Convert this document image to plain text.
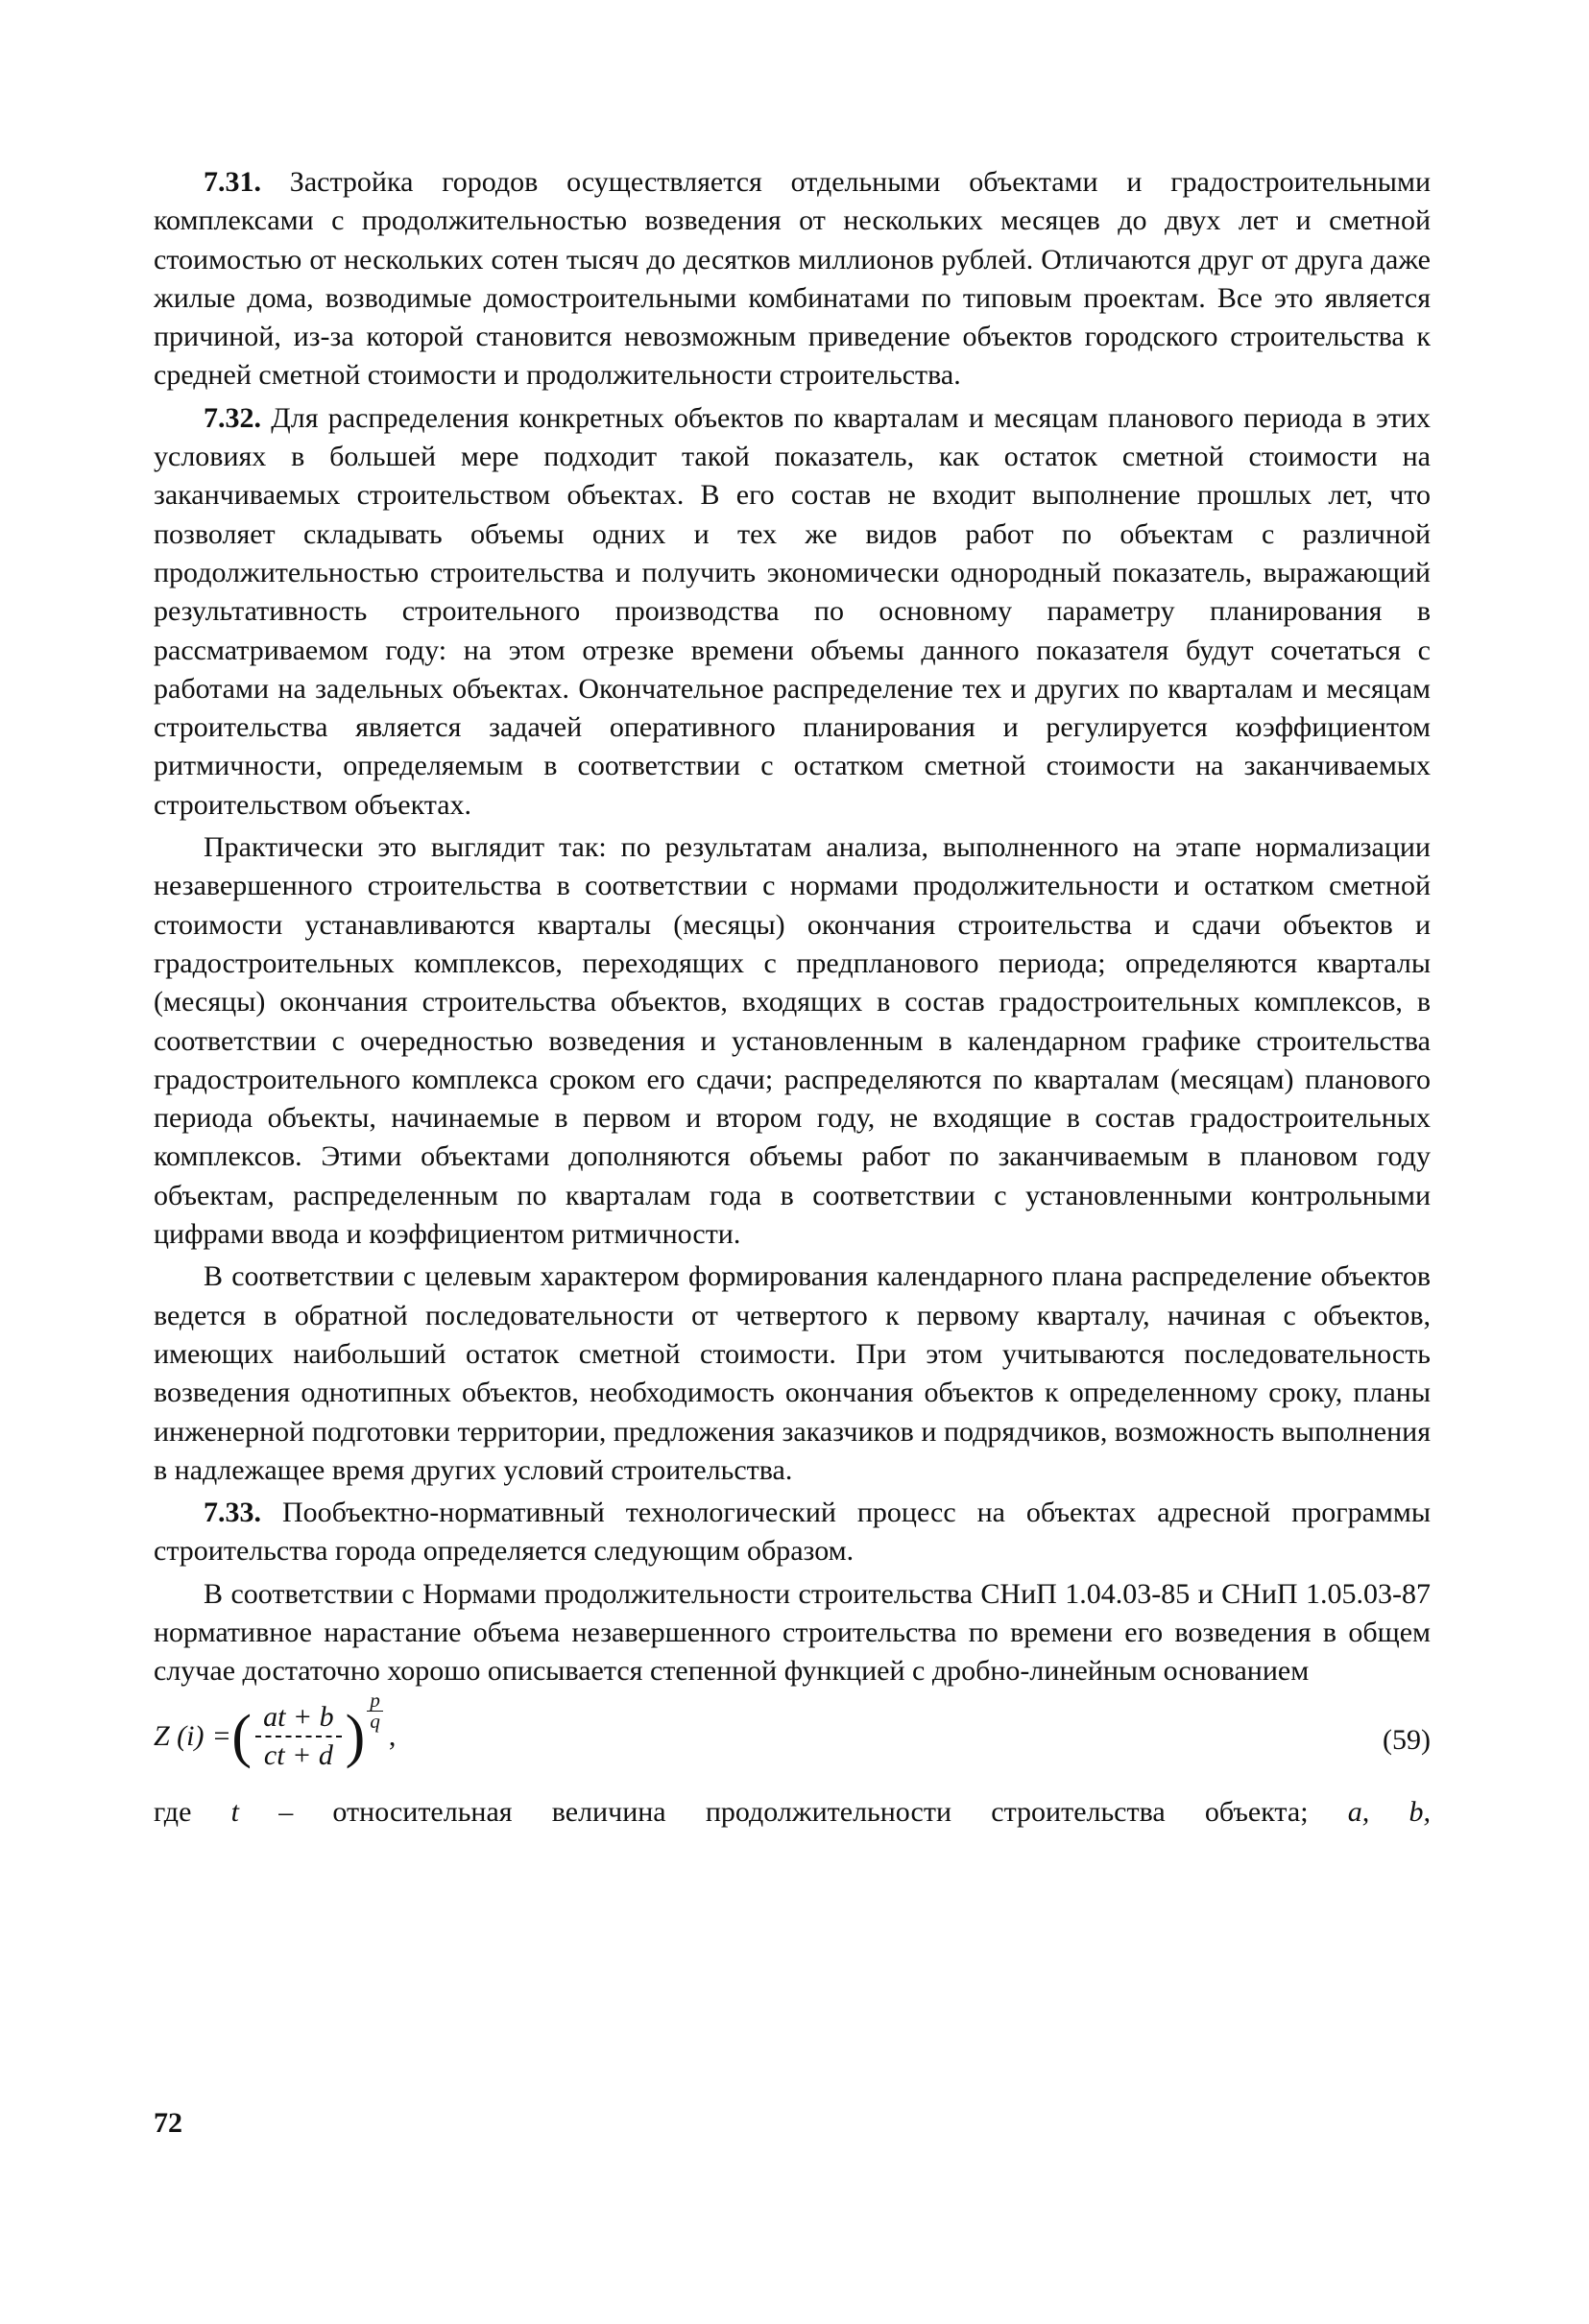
7.31. Застройка городов осуществляется отдельными объектами и градостроительными комплексами с продолжительностью возведения от нескольких месяцев до двух лет и сметной стоимостью от нескольких сотен тысяч до десятков миллионов рублей. Отличаются друг от друга даже жилые дома, возводимые домостроительными комбинатами по типовым проектам. Все это является причиной, из-за которой становится невозможным приведение объектов городского строительства к средней сметной стоимости и продолжительности строительства.

7.32. Для распределения конкретных объектов по кварталам и месяцам планового периода в этих условиях в большей мере подходит такой показатель, как остаток сметной стоимости на заканчиваемых строительством объектах. В его состав не входит выполнение прошлых лет, что позволяет складывать объемы одних и тех же видов работ по объектам с различной продолжительностью строительства и получить экономически однородный показатель, выражающий результативность строительного производства по основному параметру планирования в рассматриваемом году: на этом отрезке времени объемы данного показателя будут сочетаться с работами на задельных объектах. Окончательное распределение тех и других по кварталам и месяцам строительства является задачей оперативного планирования и регулируется коэффициентом ритмичности, определяемым в соответствии с остатком сметной стоимости на заканчиваемых строительством объектах.

Практически это выглядит так: по результатам анализа, выполненного на этапе нормализации незавершенного строительства в соответствии с нормами продолжительности и остатком сметной стоимости устанавливаются кварталы (месяцы) окончания строительства и сдачи объектов и градостроительных комплексов, переходящих с предпланового периода; определяются кварталы (месяцы) окончания строительства объектов, входящих в состав градостроительных комплексов, в соответствии с очередностью возведения и установленным в календарном графике строительства градостроительного комплекса сроком его сдачи; распределяются по кварталам (месяцам) планового периода объекты, начинаемые в первом и втором году, не входящие в состав градостроительных комплексов. Этими объектами дополняются объемы работ по заканчиваемым в плановом году объектам, распределенным по кварталам года в соответствии с установленными контрольными цифрами ввода и коэффициентом ритмичности.

В соответствии с целевым характером формирования календарного плана распределение объектов ведется в обратной последовательности от четвертого к первому кварталу, начиная с объектов, имеющих наибольший остаток сметной стоимости. При этом учитываются последовательность возведения однотипных объектов, необходимость окончания объектов к определенному сроку, планы инженерной подготовки территории, предложения заказчиков и подрядчиков, возможность выполнения в надлежащее время других условий строительства.

7.33. Пообъектно-нормативный технологический процесс на объектах адресной программы строительства города определяется следующим образом.

В соответствии с Нормами продолжительности строительства СНиП 1.04.03-85 и СНиП 1.05.03-87 нормативное нарастание объема незавершенного строительства по времени его возведения в общем случае достаточно хорошо описывается степенной функцией с дробно-линейным основанием

Z (i) = ( $\frac{at + b}{ct + d}$ ) $\frac{p}{q}$
,	(59)

где t – относительная величина продолжительности строительства объекта; a, b,

72
